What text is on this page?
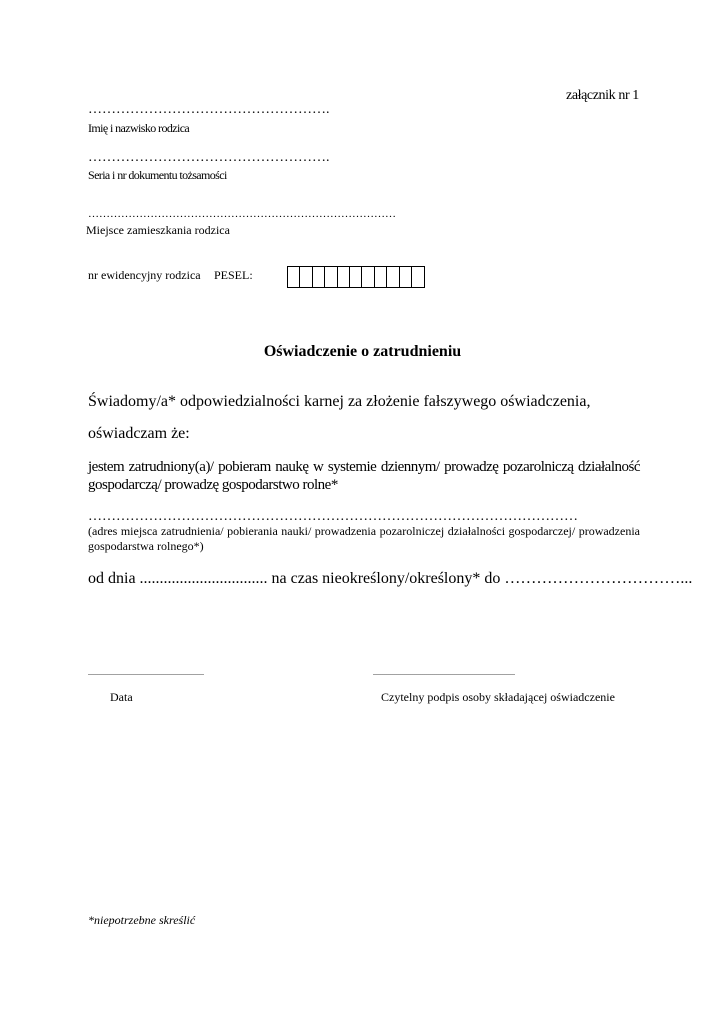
załącznik nr 1
…………………………………………….
Imię i nazwisko rodzica
…………………………………………….
Seria i nr dokumentu tożsamości
…………………………………………………………………………
Miejsce zamieszkania rodzica
nr ewidencyjny rodzica PESEL:
Oświadczenie o zatrudnieniu
Świadomy/a* odpowiedzialności karnej za złożenie fałszywego oświadczenia,
oświadczam że:
jestem zatrudniony(a)/ pobieram naukę w systemie dziennym/ prowadzę pozarolniczą działalność gospodarczą/ prowadzę gospodarstwo rolne*
……………………………………………………………………………………………
(adres miejsca zatrudnienia/ pobierania nauki/ prowadzenia pozarolniczej działalności gospodarczej/ prowadzenia gospodarstwa rolnego*)
od dnia ................................ na czas nieokreślony/określony* do ……………………………...
..........................................................
Data
.......................................................................
Czytelny podpis osoby składającej oświadczenie
*niepotrzebne skreślić
